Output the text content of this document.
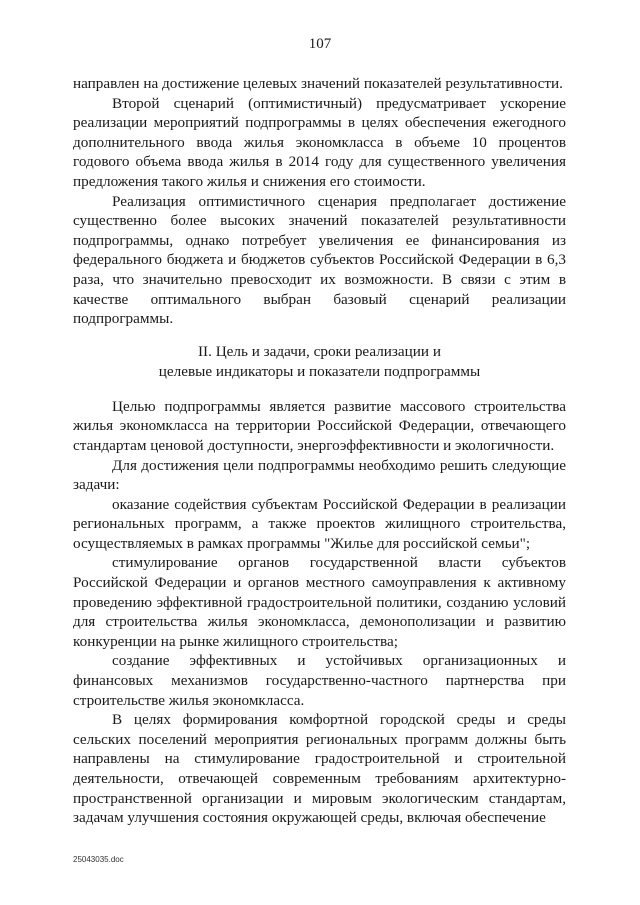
107

направлен на достижение целевых значений показателей результативности.

Второй сценарий (оптимистичный) предусматривает ускорение реализации мероприятий подпрограммы в целях обеспечения ежегодного дополнительного ввода жилья экономкласса в объеме 10 процентов годового объема ввода жилья в 2014 году для существенного увеличения предложения такого жилья и снижения его стоимости.

Реализация оптимистичного сценария предполагает достижение существенно более высоких значений показателей результативности подпрограммы, однако потребует увеличения ее финансирования из федерального бюджета и бюджетов субъектов Российской Федерации в 6,3 раза, что значительно превосходит их возможности. В связи с этим в качестве оптимального выбран базовый сценарий реализации подпрограммы.

II. Цель и задачи, сроки реализации и
целевые индикаторы и показатели подпрограммы

Целью подпрограммы является развитие массового строительства жилья экономкласса на территории Российской Федерации, отвечающего стандартам ценовой доступности, энергоэффективности и экологичности.

Для достижения цели подпрограммы необходимо решить следующие задачи:

оказание содействия субъектам Российской Федерации в реализации региональных программ, а также проектов жилищного строительства, осуществляемых в рамках программы "Жилье для российской семьи";

стимулирование органов государственной власти субъектов Российской Федерации и органов местного самоуправления к активному проведению эффективной градостроительной политики, созданию условий для строительства жилья экономкласса, демонополизации и развитию конкуренции на рынке жилищного строительства;

создание эффективных и устойчивых организационных и финансовых механизмов государственно-частного партнерства при строительстве жилья экономкласса.

В целях формирования комфортной городской среды и среды сельских поселений мероприятия региональных программ должны быть направлены на стимулирование градостроительной и строительной деятельности, отвечающей современным требованиям архитектурно-пространственной организации и мировым экологическим стандартам, задачам улучшения состояния окружающей среды, включая обеспечение

25043035.doc
